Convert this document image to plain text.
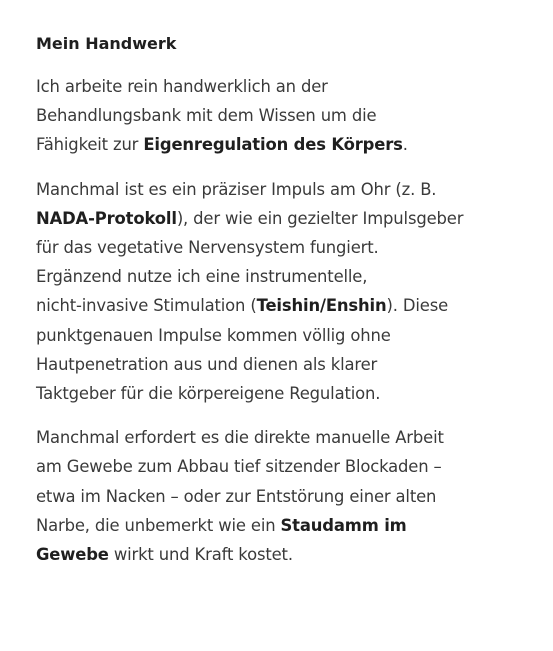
Mein Handwerk

Ich arbeite rein handwerklich an der
Behandlungsbank mit dem Wissen um die
Fähigkeit zur Eigenregulation des Körpers.

Manchmal ist es ein präziser Impuls am Ohr (z. B.
NADA-Protokoll), der wie ein gezielter Impulsgeber
für das vegetative Nervensystem fungiert.
Ergänzend nutze ich eine instrumentelle,
nicht-invasive Stimulation (Teishin/Enshin). Diese
punktgenauen Impulse kommen völlig ohne
Hautpenetration aus und dienen als klarer
Taktgeber für die körpereigene Regulation.

Manchmal erfordert es die direkte manuelle Arbeit
am Gewebe zum Abbau tief sitzender Blockaden –
etwa im Nacken – oder zur Entstörung einer alten
Narbe, die unbemerkt wie ein Staudamm im
Gewebe wirkt und Kraft kostet.
